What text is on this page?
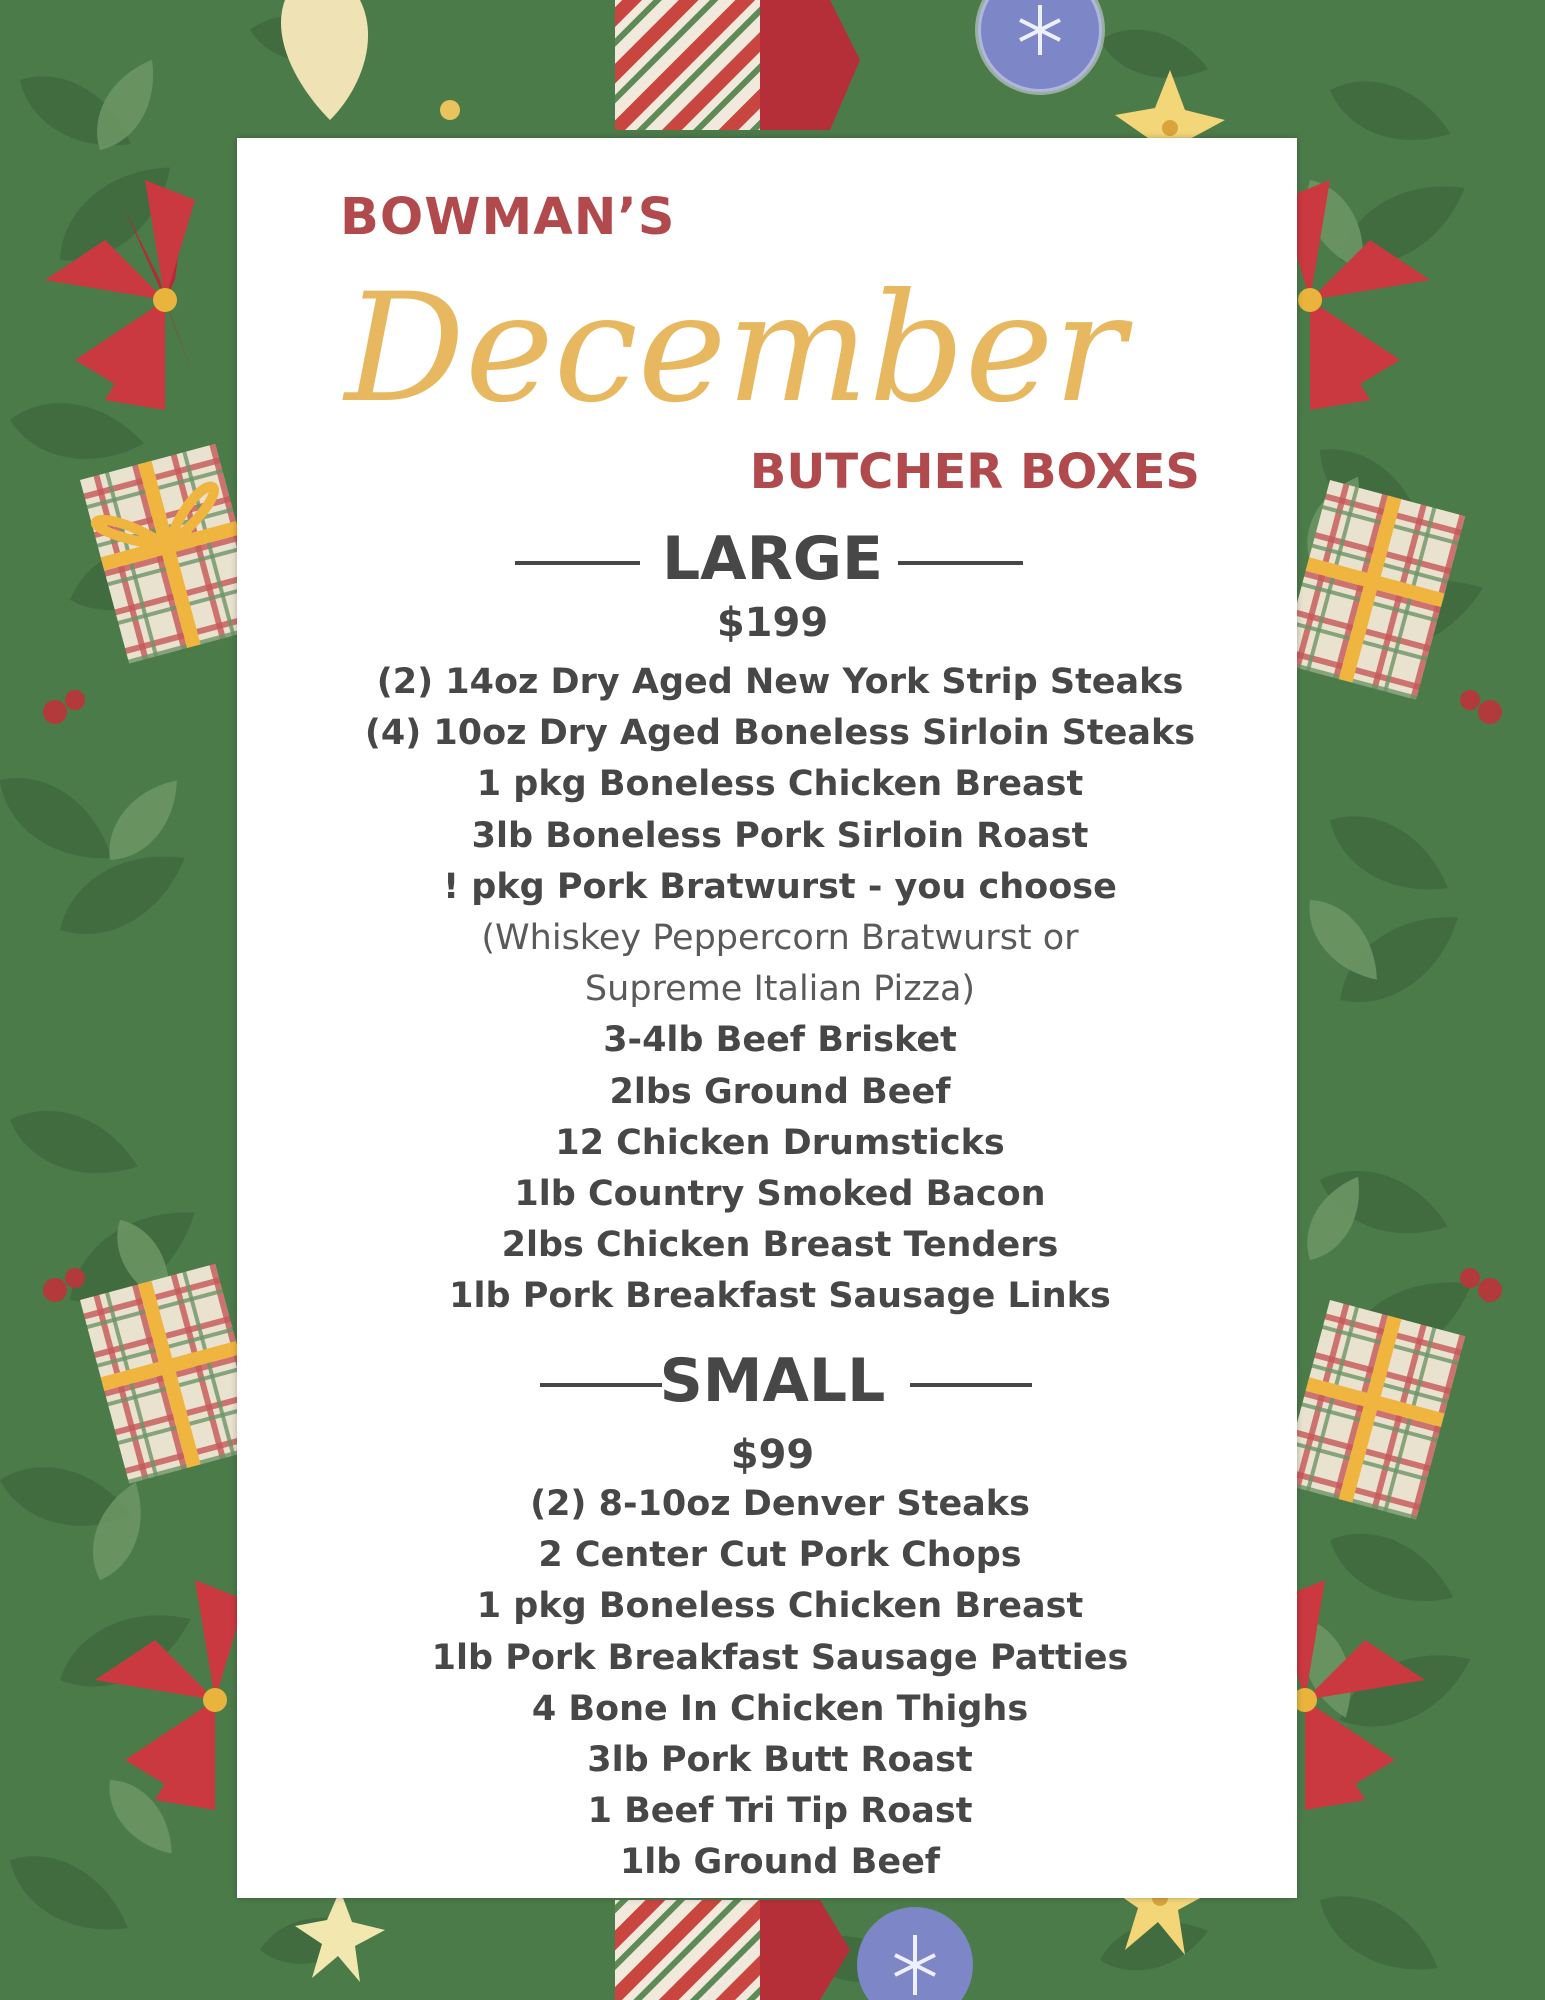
BOWMAN’S
December
BUTCHER BOXES
LARGE
$199
(2) 14oz Dry Aged New York Strip Steaks
(4) 10oz Dry Aged Boneless Sirloin Steaks
1 pkg Boneless Chicken Breast
3lb Boneless Pork Sirloin Roast
! pkg Pork Bratwurst - you choose
(Whiskey Peppercorn Bratwurst or
Supreme Italian Pizza)
3-4lb Beef Brisket
2lbs Ground Beef
12 Chicken Drumsticks
1lb Country Smoked Bacon
2lbs Chicken Breast Tenders
1lb Pork Breakfast Sausage Links
SMALL
$99
(2) 8-10oz Denver Steaks
2 Center Cut Pork Chops
1 pkg Boneless Chicken Breast
1lb Pork Breakfast Sausage Patties
4 Bone In Chicken Thighs
3lb Pork Butt Roast
1 Beef Tri Tip Roast
1lb Ground Beef
